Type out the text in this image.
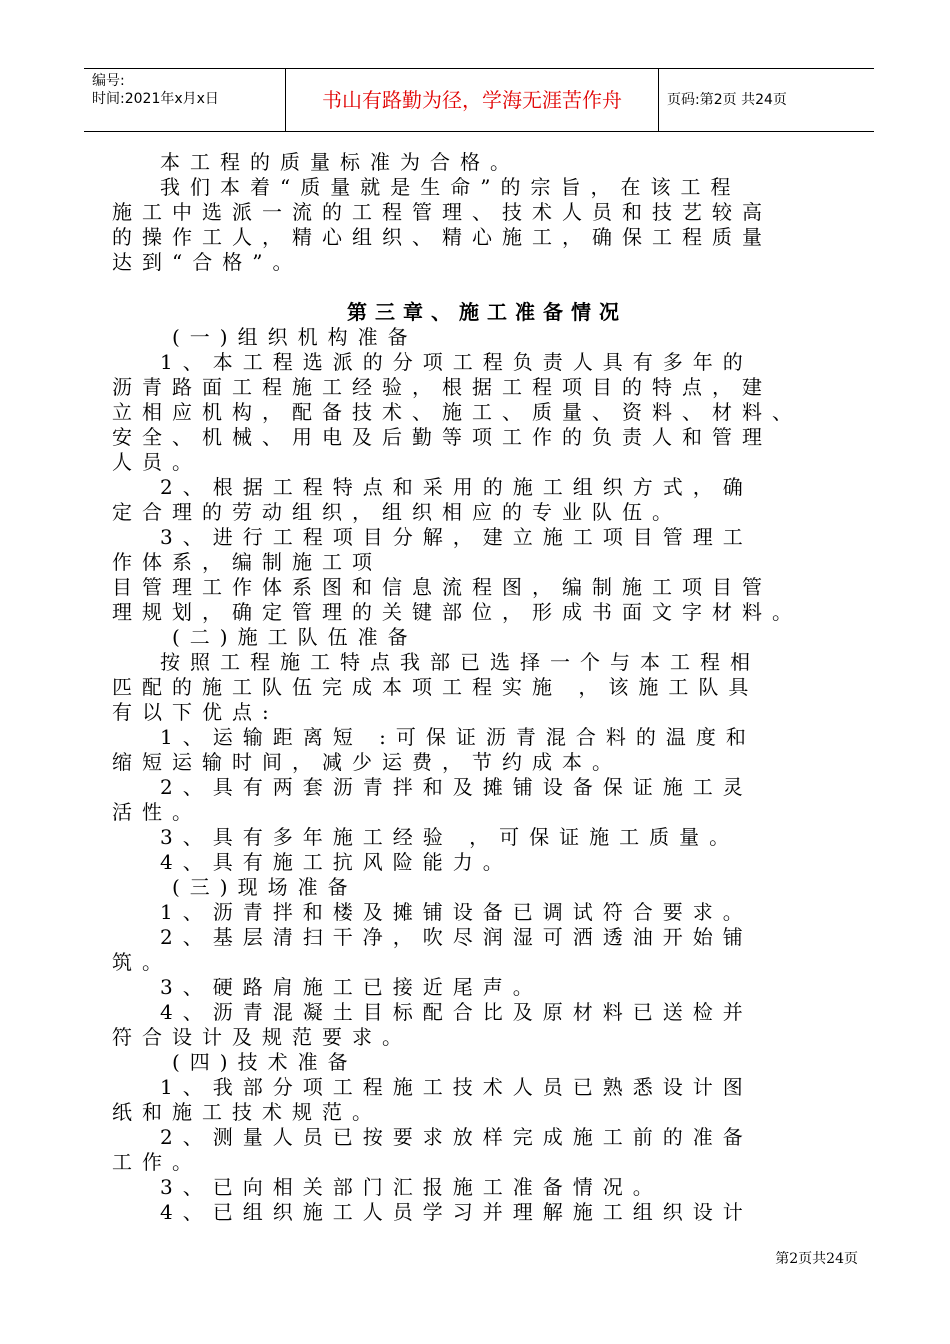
编号:
时间:2021年x月x日	书山有路勤为径，学海无涯苦作舟	页码:第2页 共24页
本工程的质量标准为合格。
我们本着“质量就是生命”的宗旨，在该工程
施工中选派一流的工程管理、技术人员和技艺较高
的操作工人，精心组织、精心施工，确保工程质量
达到“合格”。
第三章、施工准备情况
(一)组织机构准备
1、本工程选派的分项工程负责人具有多年的
沥青路面工程施工经验，根据工程项目的特点，建
立相应机构，配备技术、施工、质量、资料、材料、
安全、机械、用电及后勤等项工作的负责人和管理
人员。
2、根据工程特点和采用的施工组织方式，确
定合理的劳动组织，组织相应的专业队伍。
3、进行工程项目分解，建立施工项目管理工
作体系，编制施工项
目管理工作体系图和信息流程图，编制施工项目管
理规划，确定管理的关键部位，形成书面文字材料。
(二)施工队伍准备
按照工程施工特点我部已选择一个与本工程相
匹配的施工队伍完成本项工程实施 ，该施工队具
有以下优点:
1、运输距离短 :可保证沥青混合料的温度和
缩短运输时间，减少运费，节约成本。
2、具有两套沥青拌和及摊铺设备保证施工灵
活性。
3、具有多年施工经验 ，可保证施工质量。
4、具有施工抗风险能力。
(三)现场准备
1、沥青拌和楼及摊铺设备已调试符合要求。
2、基层清扫干净，吹尽润湿可洒透油开始铺
筑。
3、硬路肩施工已接近尾声。
4、沥青混凝土目标配合比及原材料已送检并
符合设计及规范要求。
(四)技术准备
1、我部分项工程施工技术人员已熟悉设计图
纸和施工技术规范。
2、测量人员已按要求放样完成施工前的准备
工作。
3、已向相关部门汇报施工准备情况。
4、已组织施工人员学习并理解施工组织设计
第2页共24页
